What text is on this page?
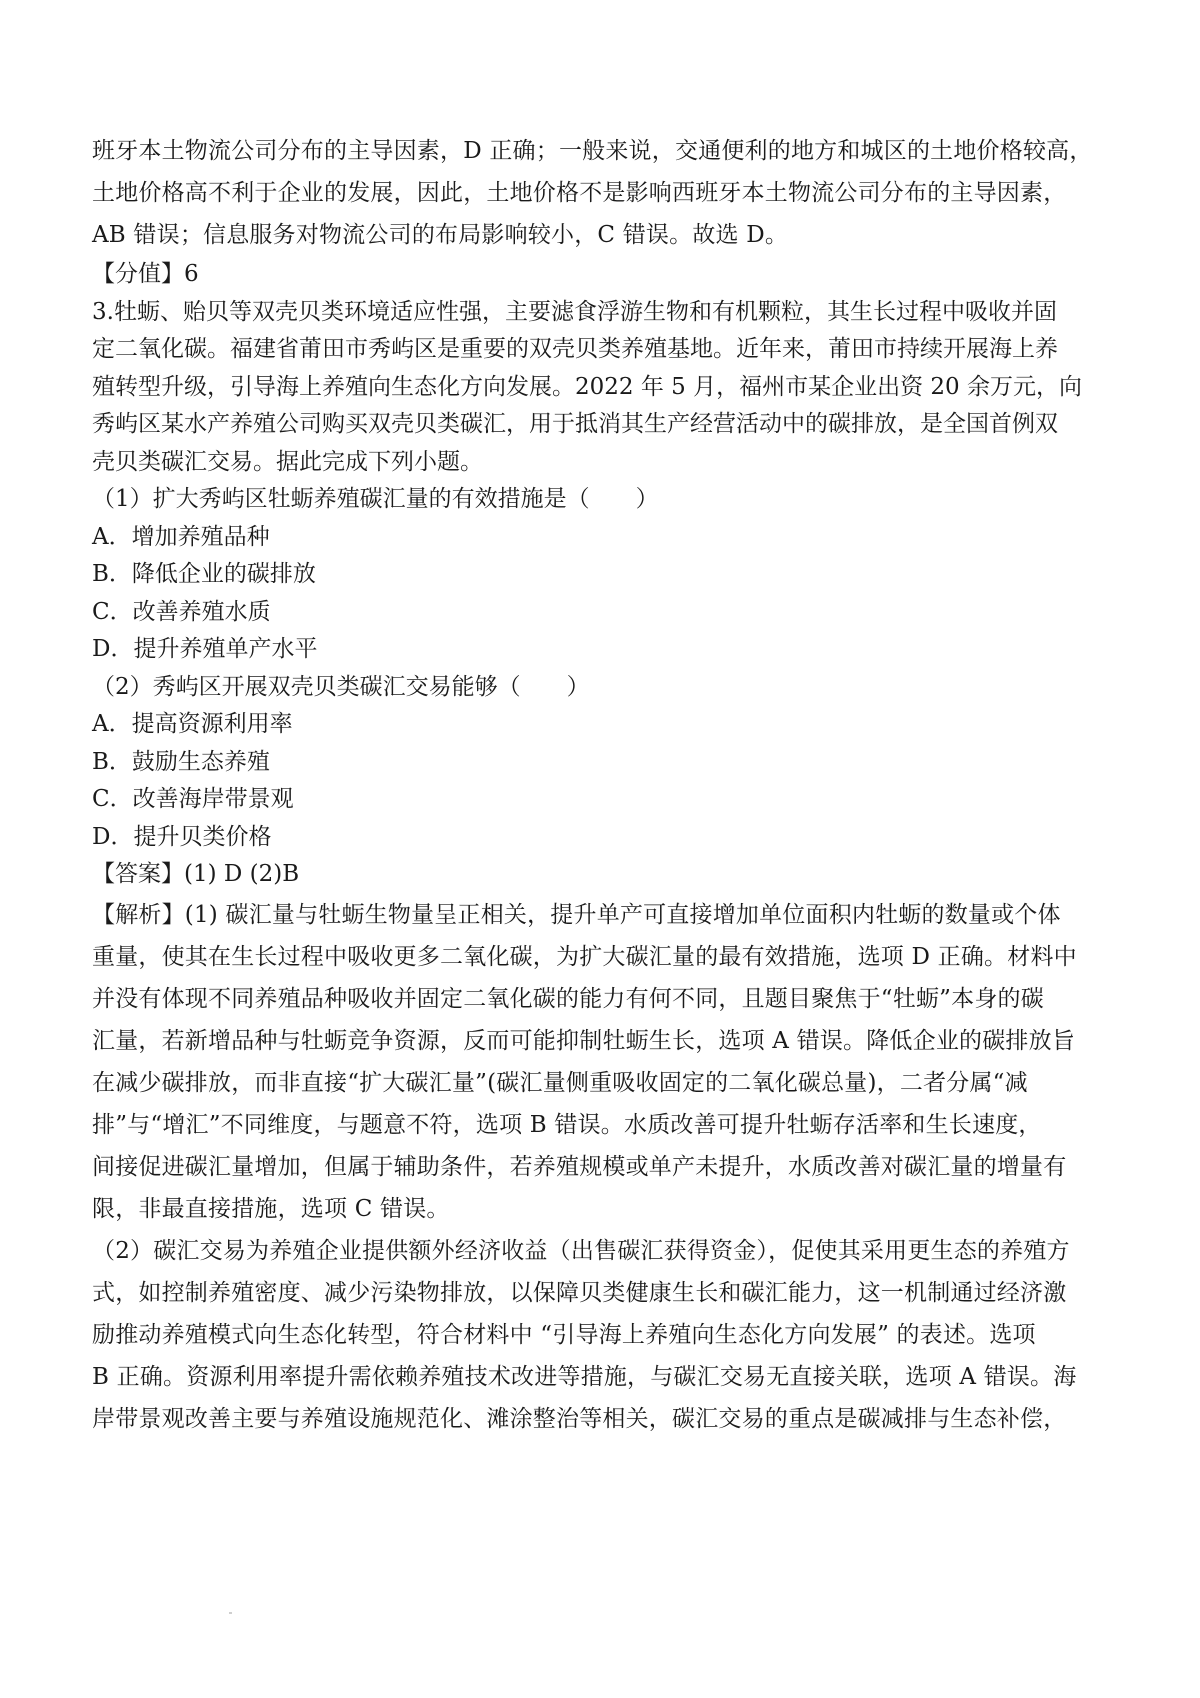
班牙本土物流公司分布的主导因素，D 正确；一般来说，交通便利的地方和城区的土地价格较高，

土地价格高不利于企业的发展，因此，土地价格不是影响西班牙本土物流公司分布的主导因素，

AB 错误；信息服务对物流公司的布局影响较小，C 错误。故选 D。

【分值】6

3.牡蛎、贻贝等双壳贝类环境适应性强，主要滤食浮游生物和有机颗粒，其生长过程中吸收并固

定二氧化碳。福建省莆田市秀屿区是重要的双壳贝类养殖基地。近年来，莆田市持续开展海上养

殖转型升级，引导海上养殖向生态化方向发展。2022 年 5 月，福州市某企业出资 20 余万元，向

秀屿区某水产养殖公司购买双壳贝类碳汇，用于抵消其生产经营活动中的碳排放，是全国首例双

壳贝类碳汇交易。据此完成下列小题。

（1）扩大秀屿区牡蛎养殖碳汇量的有效措施是（　　）

A．增加养殖品种

B．降低企业的碳排放

C．改善养殖水质

D．提升养殖单产水平

（2）秀屿区开展双壳贝类碳汇交易能够（　　）

A．提高资源利用率

B．鼓励生态养殖

C．改善海岸带景观

D．提升贝类价格

【答案】(1) D (2)B

【解析】(1) 碳汇量与牡蛎生物量呈正相关，提升单产可直接增加单位面积内牡蛎的数量或个体

重量，使其在生长过程中吸收更多二氧化碳，为扩大碳汇量的最有效措施，选项 D 正确。材料中

并没有体现不同养殖品种吸收并固定二氧化碳的能力有何不同，且题目聚焦于“牡蛎”本身的碳

汇量，若新增品种与牡蛎竞争资源，反而可能抑制牡蛎生长，选项 A 错误。降低企业的碳排放旨

在减少碳排放，而非直接“扩大碳汇量”(碳汇量侧重吸收固定的二氧化碳总量)，二者分属“减

排”与“增汇”不同维度，与题意不符，选项 B 错误。水质改善可提升牡蛎存活率和生长速度，

间接促进碳汇量增加，但属于辅助条件，若养殖规模或单产未提升，水质改善对碳汇量的增量有

限，非最直接措施，选项 C 错误。

（2）碳汇交易为养殖企业提供额外经济收益（出售碳汇获得资金），促使其采用更生态的养殖方

式，如控制养殖密度、减少污染物排放，以保障贝类健康生长和碳汇能力，这一机制通过经济激

励推动养殖模式向生态化转型，符合材料中 “引导海上养殖向生态化方向发展” 的表述。选项

B 正确。资源利用率提升需依赖养殖技术改进等措施，与碳汇交易无直接关联，选项 A 错误。海

岸带景观改善主要与养殖设施规范化、滩涂整治等相关，碳汇交易的重点是碳减排与生态补偿，
